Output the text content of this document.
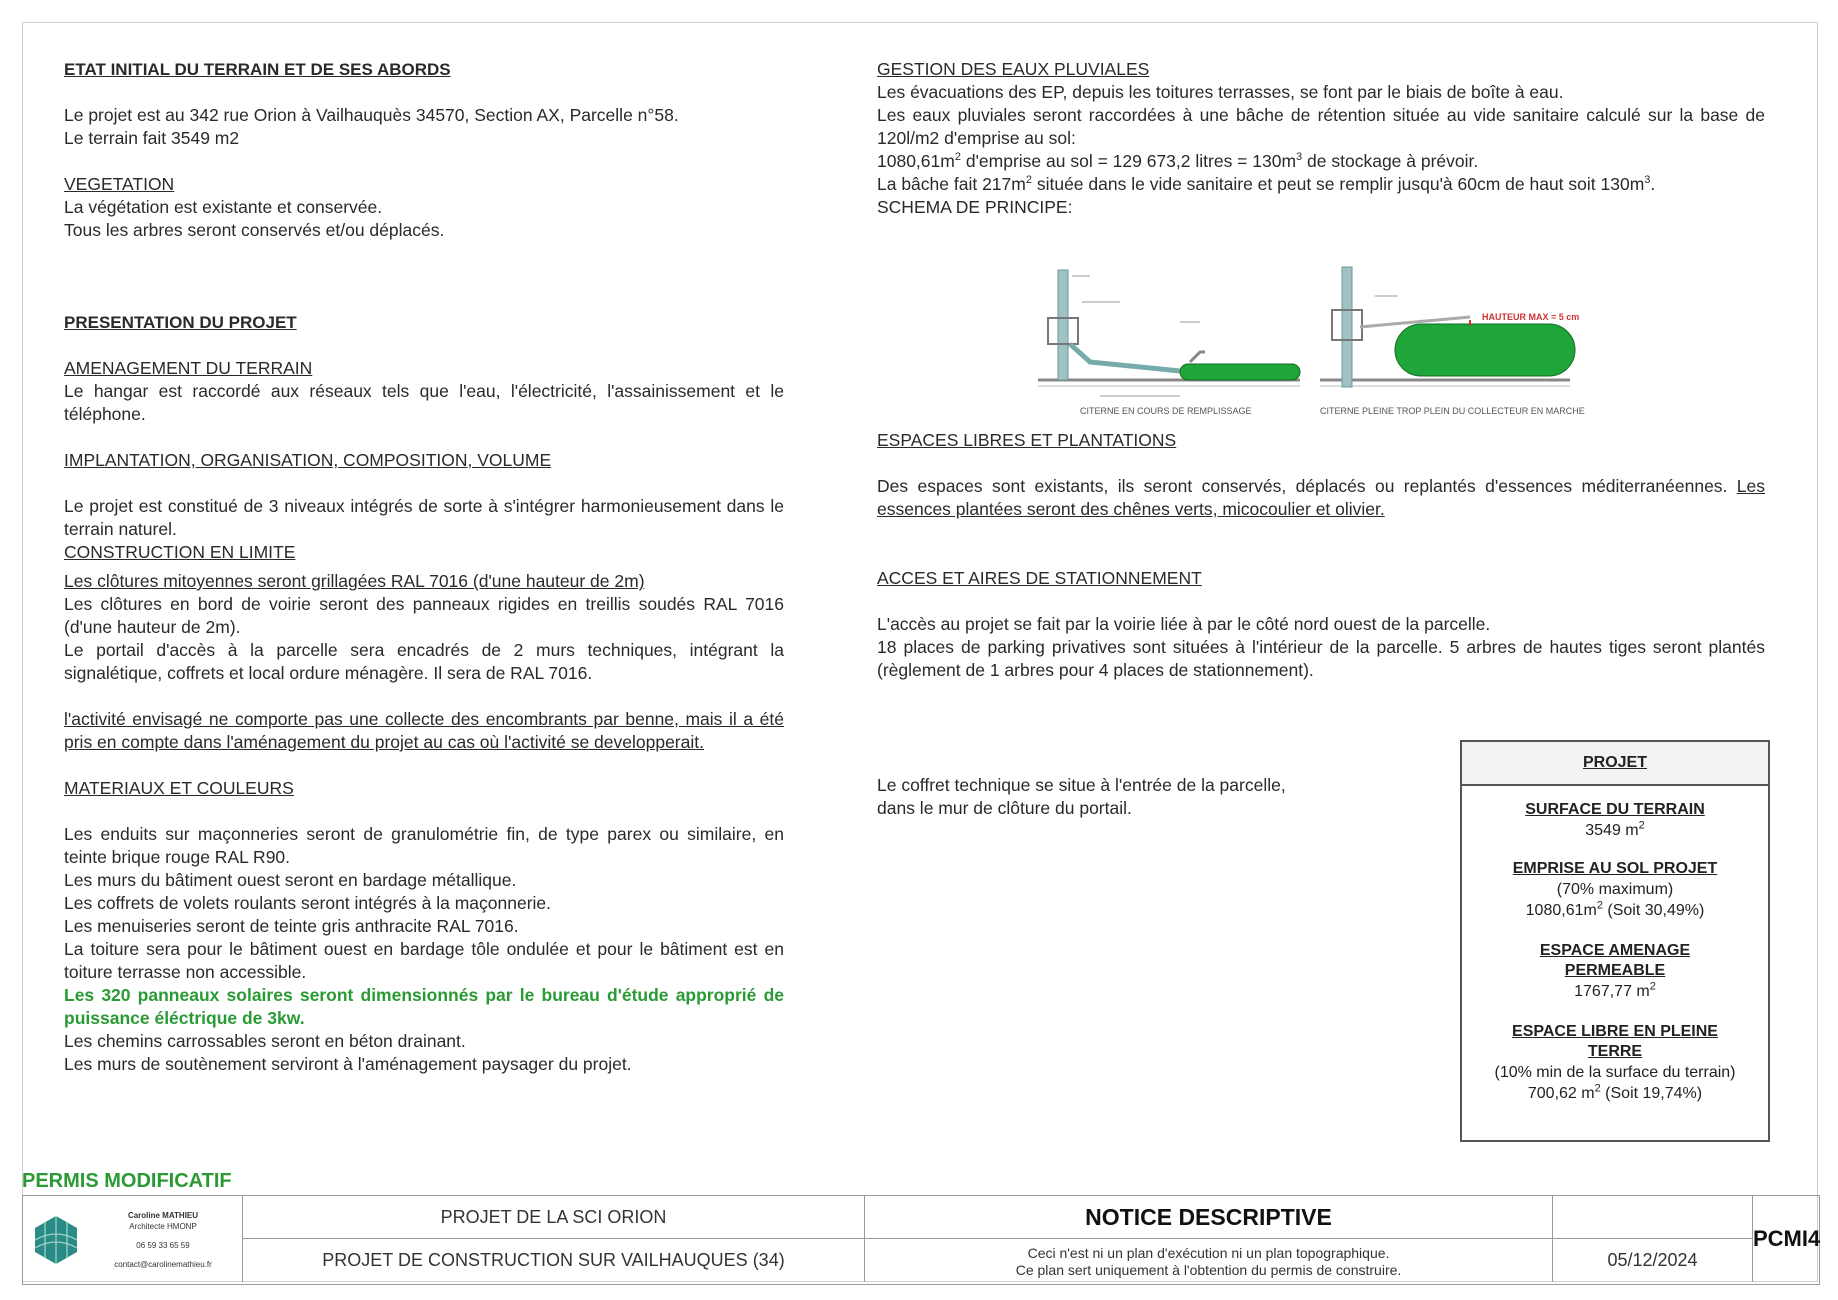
ETAT INITIAL DU TERRAIN ET DE SES ABORDS

Le projet est au 342 rue Orion à Vailhauquès 34570, Section AX, Parcelle n°58.

Le terrain fait 3549 m2

VEGETATION

La végétation est existante et conservée.

Tous les arbres seront conservés et/ou déplacés.

PRESENTATION DU PROJET

AMENAGEMENT DU TERRAIN

Le hangar est raccordé aux réseaux tels que l'eau, l'électricité, l'assainissement et le téléphone.

IMPLANTATION, ORGANISATION, COMPOSITION, VOLUME

Le projet est constitué de 3 niveaux intégrés de sorte à s'intégrer harmonieusement dans le terrain naturel.

CONSTRUCTION EN LIMITE

Les clôtures mitoyennes seront grillagées RAL 7016 (d'une hauteur de 2m)

Les clôtures en bord de voirie seront des panneaux rigides en treillis soudés RAL 7016 (d'une hauteur de 2m).

Le portail d'accès à la parcelle sera encadrés de 2 murs techniques, intégrant la signalétique, coffrets et local ordure ménagère. Il sera de RAL 7016.

l'activité envisagé ne comporte pas une collecte des encombrants par benne, mais il a été pris en compte dans l'aménagement du projet au cas où l'activité se developperait.

MATERIAUX ET COULEURS

Les enduits sur maçonneries seront de granulométrie fin, de type parex ou similaire, en teinte brique rouge RAL R90.

Les murs du bâtiment ouest seront en bardage métallique.

Les coffrets de volets roulants seront intégrés à la maçonnerie.

Les menuiseries seront de teinte gris anthracite RAL 7016.

La toiture sera pour le bâtiment ouest en bardage tôle ondulée et pour le bâtiment est en toiture terrasse non accessible.

Les 320 panneaux solaires seront dimensionnés par le bureau d'étude approprié de puissance éléctrique de 3kw.

Les chemins carrossables seront en béton drainant.

Les murs de soutènement serviront à l'aménagement paysager du projet.

GESTION DES EAUX PLUVIALES

Les évacuations des EP, depuis les toitures terrasses, se font par le biais de boîte à eau.

Les eaux pluviales seront raccordées à une bâche de rétention située au vide sanitaire calculé sur la base de 120l/m2 d'emprise au sol:

$1080,61m^2$ d'emprise au sol = 129 673,2 litres = $130m^3$ de stockage à prévoir.

La bâche fait $217m^2$ située dans le vide sanitaire et peut se remplir jusqu'à 60cm de haut soit $130m^3$.

SCHEMA DE PRINCIPE:

ESPACES LIBRES ET PLANTATIONS

Des espaces sont existants, ils seront conservés, déplacés ou replantés d'essences méditerranéennes. Les essences plantées seront des chênes verts, micocoulier et olivier.

ACCES ET AIRES DE STATIONNEMENT

L'accès au projet se fait par la voirie liée à par le côté nord ouest de la parcelle.

18 places de parking privatives sont situées à l'intérieur de la parcelle. 5 arbres de hautes tiges seront plantés (règlement de 1 arbres pour 4 places de stationnement).

Le coffret technique se situe à l'entrée de la parcelle,

dans le mur de clôture du portail.

CITERNE EN COURS DE REMPLISSAGE
HAUTEUR MAX = 5 cm
CITERNE PLEINE TROP PLEIN DU COLLECTEUR EN MARCHE
PROJET
SURFACE DU TERRAIN
3549 $m^2$
EMPRISE AU SOL PROJET
(70% maximum)
$1080,61m^2$ (Soit 30,49%)
ESPACE AMENAGE
PERMEABLE
1767,77 $m^2$
ESPACE LIBRE EN PLEINE
TERRE
(10% min de la surface du terrain)
700,62 $m^2$ (Soit 19,74%)
PERMIS MODIFICATIF
Caroline MATHIEU
Architecte HMONP
06 59 33 65 59
contact@carolinemathieu.fr
PROJET DE LA SCI ORION
PROJET DE CONSTRUCTION SUR VAILHAUQUES (34)
NOTICE DESCRIPTIVE
Ceci n'est ni un plan d'exécution ni un plan topographique.
Ce plan sert uniquement à l'obtention du permis de construire.	05/12/2024
PCMI4
